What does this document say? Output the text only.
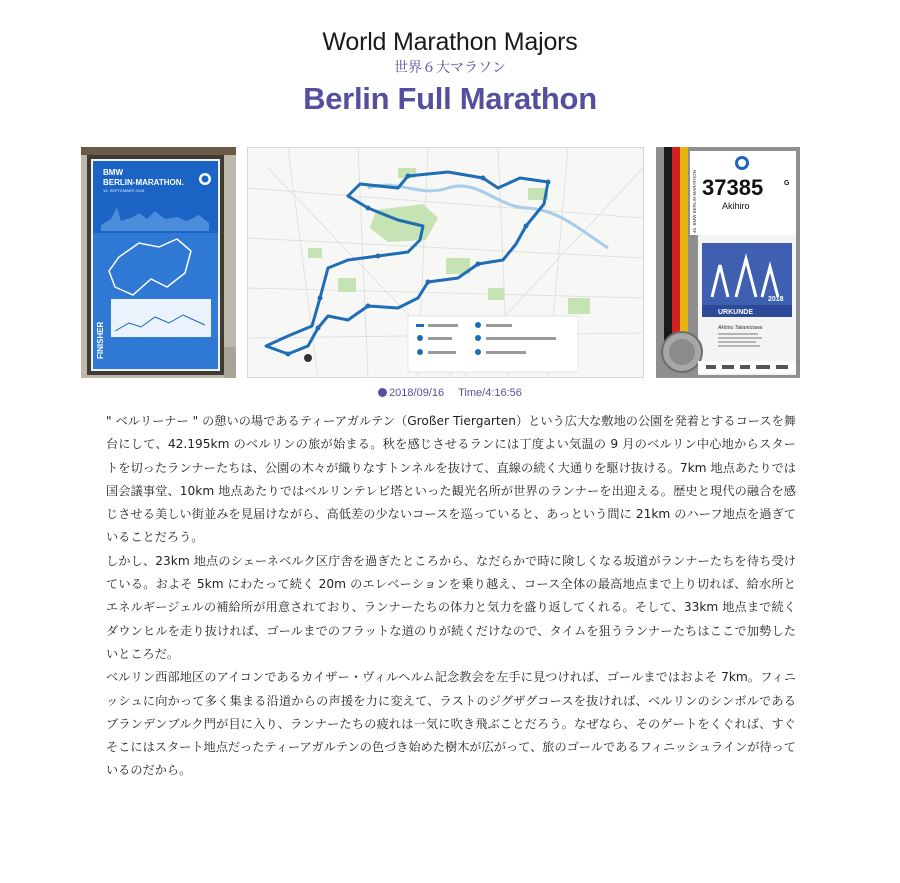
World Marathon Majors
世界６大マラソン
Berlin Full Marathon
BMW
BERLIN-MARATHON.
16. SEPTEMBER 2018
FINISHER
37385	G
Akihiro
45. BMW BERLIN-MARATHON
2018
URKUNDE
Akihiro Takamizawa
2018/09/16 Time/4:16:56

" ベルリーナー " の憩いの場であるティーアガルテン（Großer Tiergarten）という広大な敷地の公園を発着とするコースを舞台にして、42.195km のベルリンの旅が始まる。秋を感じさせるランには丁度よい気温の 9 月のベルリン中心地からスタートを切ったランナーたちは、公園の木々が織りなすトンネルを抜けて、直線の続く大通りを駆け抜ける。7km 地点あたりでは国会議事堂、10km 地点あたりではベルリンテレビ塔といった観光名所が世界のランナーを出迎える。歴史と現代の融合を感じさせる美しい街並みを見届けながら、高低差の少ないコースを巡っていると、あっという間に 21km のハーフ地点を過ぎていることだろう。

しかし、23km 地点のシェーネベルク区庁舎を過ぎたところから、なだらかで時に険しくなる坂道がランナーたちを待ち受けている。およそ 5km にわたって続く 20m のエレベーションを乗り越え、コース全体の最高地点まで上り切れば、給水所とエネルギージェルの補給所が用意されており、ランナーたちの体力と気力を盛り返してくれる。そして、33km 地点まで続くダウンヒルを走り抜ければ、ゴールまでのフラットな道のりが続くだけなので、タイムを狙うランナーたちはここで加勢したいところだ。

ベルリン西部地区のアイコンであるカイザー・ヴィルヘルム記念教会を左手に見つければ、ゴールまではおよそ 7km。フィニッシュに向かって多く集まる沿道からの声援を力に変えて、ラストのジグザグコースを抜ければ、ベルリンのシンボルであるブランデンブルク門が目に入り、ランナーたちの疲れは一気に吹き飛ぶことだろう。なぜなら、そのゲートをくぐれば、すぐそこにはスタート地点だったティーアガルテンの色づき始めた樹木が広がって、旅のゴールであるフィニッシュラインが待っているのだから。
